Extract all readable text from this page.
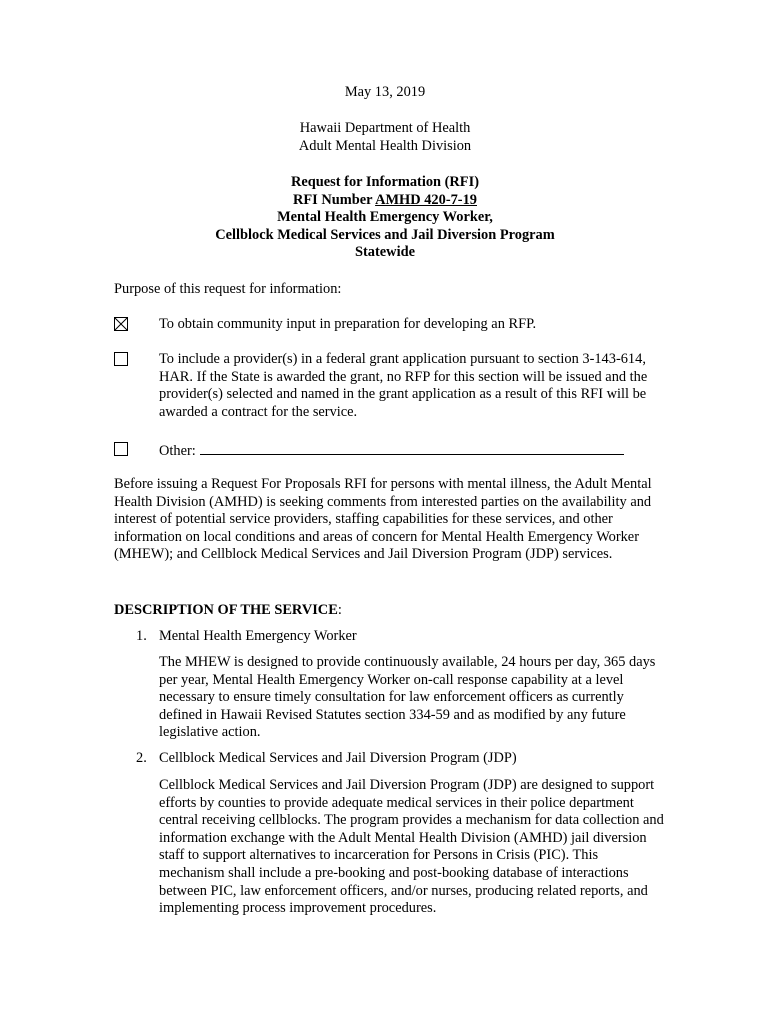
May 13, 2019
Hawaii Department of Health
Adult Mental Health Division
Request for Information (RFI)
RFI Number AMHD 420-7-19
Mental Health Emergency Worker,
Cellblock Medical Services and Jail Diversion Program
Statewide
Purpose of this request for information:
To obtain community input in preparation for developing an RFP.
To include a provider(s) in a federal grant application pursuant to section 3-143-614, HAR. If the State is awarded the grant, no RFP for this section will be issued and the provider(s) selected and named in the grant application as a result of this RFI will be awarded a contract for the service.
Other:
Before issuing a Request For Proposals RFI for persons with mental illness, the Adult Mental Health Division (AMHD) is seeking comments from interested parties on the availability and interest of potential service providers, staffing capabilities for these services, and other information on local conditions and areas of concern for Mental Health Emergency Worker (MHEW); and Cellblock Medical Services and Jail Diversion Program (JDP) services.
DESCRIPTION OF THE SERVICE:
1. Mental Health Emergency Worker
The MHEW is designed to provide continuously available, 24 hours per day, 365 days per year, Mental Health Emergency Worker on-call response capability at a level necessary to ensure timely consultation for law enforcement officers as currently defined in Hawaii Revised Statutes section 334-59 and as modified by any future legislative action.
2. Cellblock Medical Services and Jail Diversion Program (JDP)
Cellblock Medical Services and Jail Diversion Program (JDP) are designed to support efforts by counties to provide adequate medical services in their police department central receiving cellblocks. The program provides a mechanism for data collection and information exchange with the Adult Mental Health Division (AMHD) jail diversion staff to support alternatives to incarceration for Persons in Crisis (PIC). This mechanism shall include a pre-booking and post-booking database of interactions between PIC, law enforcement officers, and/or nurses, producing related reports, and implementing process improvement procedures.
